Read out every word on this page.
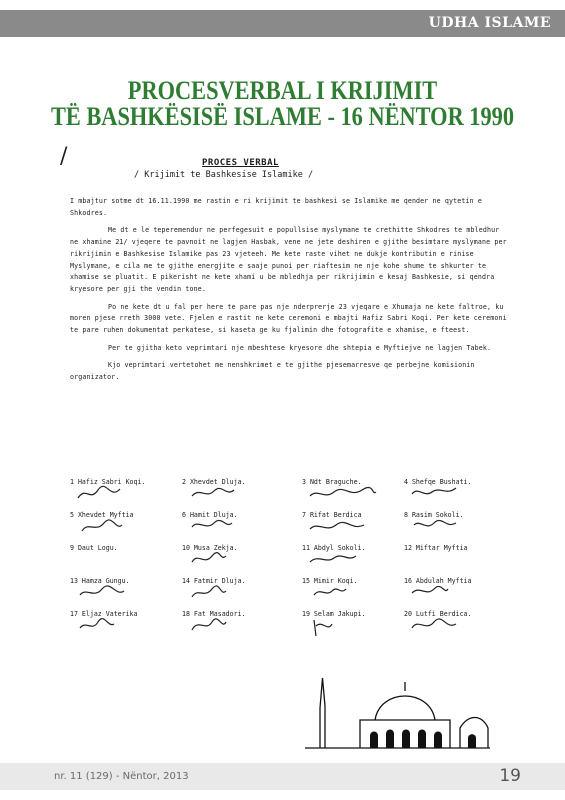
UDHA ISLAME
PROCESVERBAL I KRIJIMIT
TË BASHKËSISË ISLAME - 16 NËNTOR 1990
/	PROCES VERBAL
/ Krijimit te Bashkesise Islamike /

I mbajtur sotme dt 16.11.1990 me rastin e ri krijimit te bashkesi se Islamike me qender ne qytetin e Shkodres.

Me dt e le teperemendur ne perfegesuit e popullsise myslymane te crethitte Shkodres te mbledhur ne xhamine 21/ vjeqere te pavnoit ne lagjen Hasbak, vene ne jete deshiren e gjithe besimtare myslymane per rikrijimin e Bashkesise Islamike pas 23 vjeteeh. Me kete raste vihet ne dukje kontributin e rinise Myslymane, e cila me te gjithe energjite e saaje punoi per riaftesim ne nje kohe shume te shkurter te xhamise se pluatit. E pikerisht ne kete xhami u be mbledhja per rikrijimin e kesaj Bashkesie, si qendra kryesore per gji the vendin tone.

Po ne kete dt u fal per here te pare pas nje nderprerje 23 vjeqare e Xhumaja ne kete faltroe, ku moren pjese rreth 3000 vete. Fjelen e rastit ne kete ceremoni e mbajti Hafiz Sabri Koqi. Per kete ceremoni te pare ruhen dokumentat perkatese, si kaseta ge ku fjalimin dhe fotografite e xhamise, e fteest.

Per te gjitha keto veprimtari nje mbeshtese kryesore dhe shtepia e Myftiejve ne lagjen Tabek.

Kjo veprimtari vertetohet me nenshkrimet e te gjithe pjesemarresve qe perbejne komisionin organizator.

1 Hafiz Sabri Koqi.	2 Xhevdet Dluja.	3 Ndt Braguche.	4 Shefqe Bushati.
5 Xhevdet Myftia	6 Hamit Dluja.	7 Rifat Berdica	8 Rasim Sokoli.
9 Daut Logu.	10 Musa Zekja.	11 Abdyl Sokoli.	12 Miftar Myftia
13 Hamza Gungu.	14 Fatmir Dluja.	15 Mimir Koqi.	16 Abdulah Myftia
17 Eljaz Vaterika	18 Fat Masadori.	19 Selam Jakupi.	20 Lutfi Berdica.
nr. 11 (129) - Nëntor, 2013	19
